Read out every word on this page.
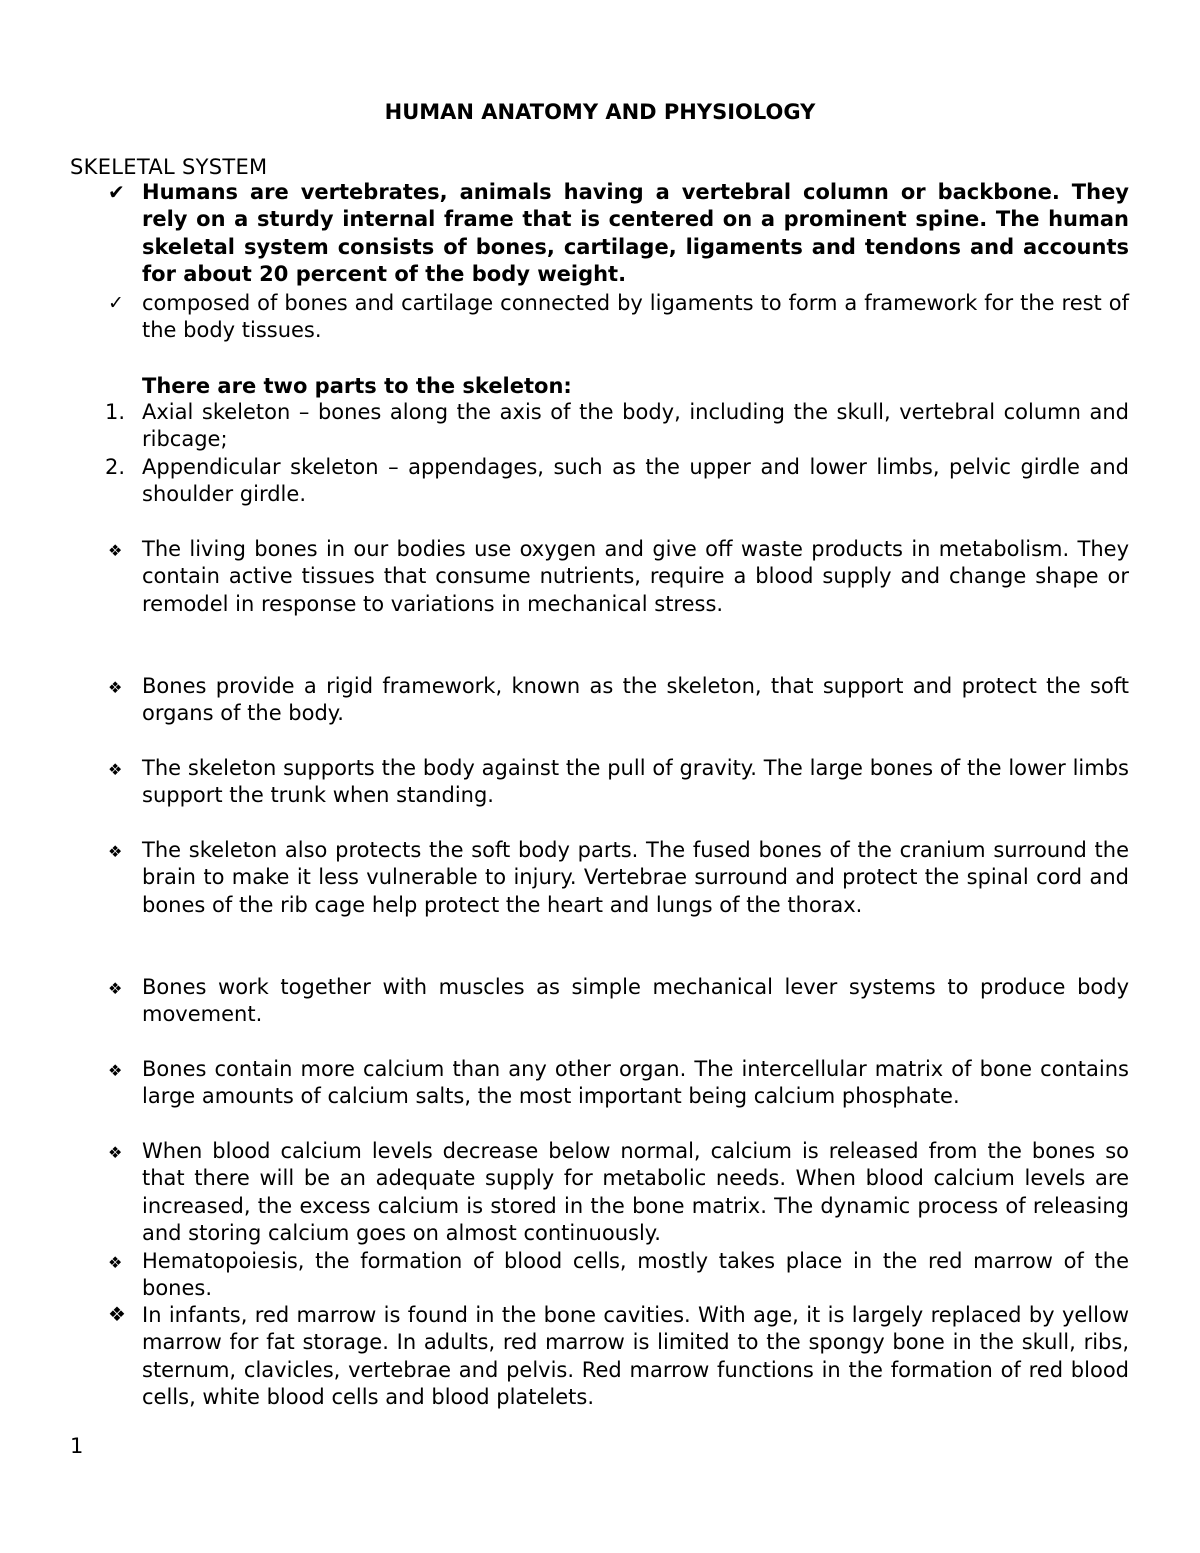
HUMAN ANATOMY AND PHYSIOLOGY
SKELETAL SYSTEM
✔ Humans are vertebrates, animals having a vertebral column or backbone. They rely on a sturdy internal frame that is centered on a prominent spine. The human skeletal system consists of bones, cartilage, ligaments and tendons and accounts for about 20 percent of the body weight.
✓ composed of bones and cartilage connected by ligaments to form a framework for the rest of the body tissues.
There are two parts to the skeleton:
1. Axial skeleton – bones along the axis of the body, including the skull, vertebral column and ribcage;
2. Appendicular skeleton – appendages, such as the upper and lower limbs, pelvic girdle and shoulder girdle.
❖ The living bones in our bodies use oxygen and give off waste products in metabolism. They contain active tissues that consume nutrients, require a blood supply and change shape or remodel in response to variations in mechanical stress.
❖ Bones provide a rigid framework, known as the skeleton, that support and protect the soft organs of the body.
❖ The skeleton supports the body against the pull of gravity. The large bones of the lower limbs support the trunk when standing.
❖ The skeleton also protects the soft body parts. The fused bones of the cranium surround the brain to make it less vulnerable to injury. Vertebrae surround and protect the spinal cord and bones of the rib cage help protect the heart and lungs of the thorax.
❖ Bones work together with muscles as simple mechanical lever systems to produce body movement.
❖ Bones contain more calcium than any other organ. The intercellular matrix of bone contains large amounts of calcium salts, the most important being calcium phosphate.
❖ When blood calcium levels decrease below normal, calcium is released from the bones so that there will be an adequate supply for metabolic needs. When blood calcium levels are increased, the excess calcium is stored in the bone matrix. The dynamic process of releasing and storing calcium goes on almost continuously.
❖ Hematopoiesis, the formation of blood cells, mostly takes place in the red marrow of the bones.
❖ In infants, red marrow is found in the bone cavities. With age, it is largely replaced by yellow marrow for fat storage. In adults, red marrow is limited to the spongy bone in the skull, ribs, sternum, clavicles, vertebrae and pelvis. Red marrow functions in the formation of red blood cells, white blood cells and blood platelets.
1
